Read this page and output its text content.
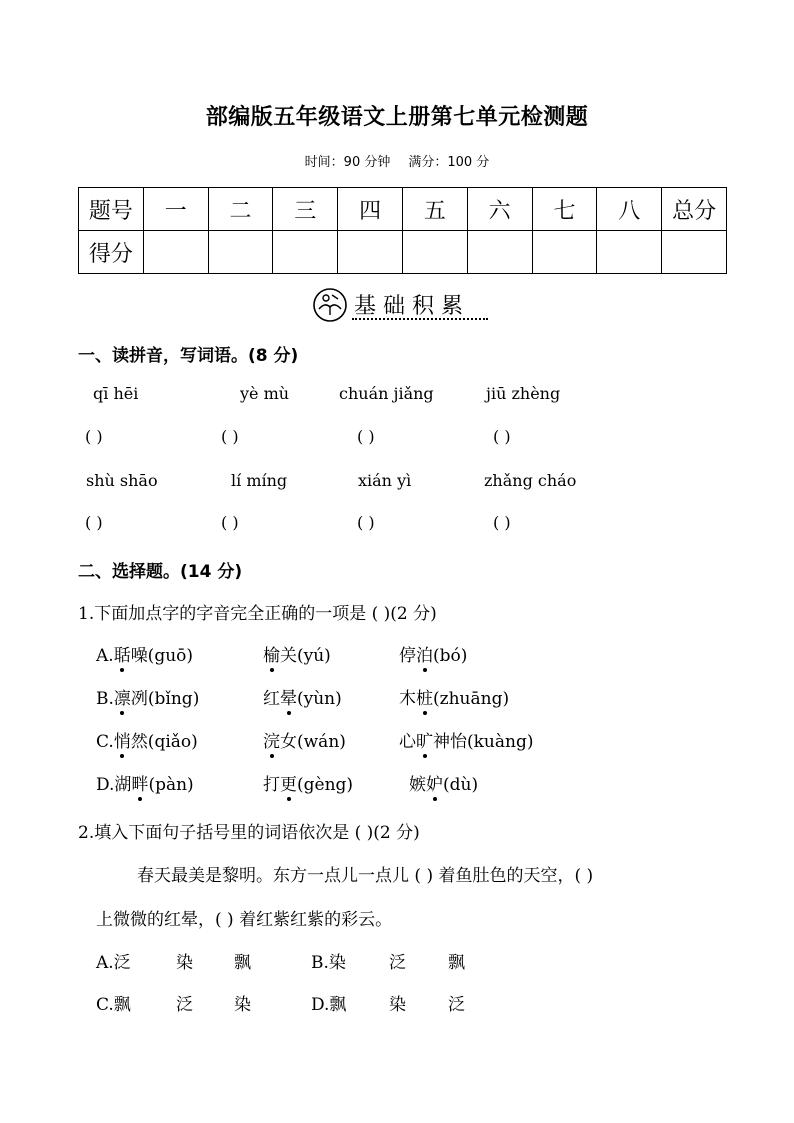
部编版五年级语文上册第七单元检测题
时间：90 分钟 满分：100 分
题号	一	二	三	四	五	六	七	八	总分
得分									
基础积累
一、读拼音，写词语。(8 分)
qī hēi	yè mù	chuán jiǎng	jiū zhèng
( )	( )	( )	( )
shù shāo	lí míng	xián yì	zhǎng cháo
( )	( )	( )	( )
二、选择题。(14 分)
1.下面加点字的字音完全正确的一项是 ( )(2 分)
A.聒噪(guō)	榆关(yú)	停泊(bó)
B.凛冽(bǐng)	红晕(yùn)	木桩(zhuāng)
C.悄然(qiǎo)	浣女(wán)	心旷神怡(kuàng)
D.湖畔(pàn)	打更(gèng)	嫉妒(dù)
2.填入下面句子括号里的词语依次是 ( )(2 分)
春天最美是黎明。东方一点儿一点儿 ( ) 着鱼肚色的天空，( )
上微微的红晕，( ) 着红紫红紫的彩云。
A.泛	染 飘	B.染	泛 飘
C.飘	泛 染	D.飘	染 泛
